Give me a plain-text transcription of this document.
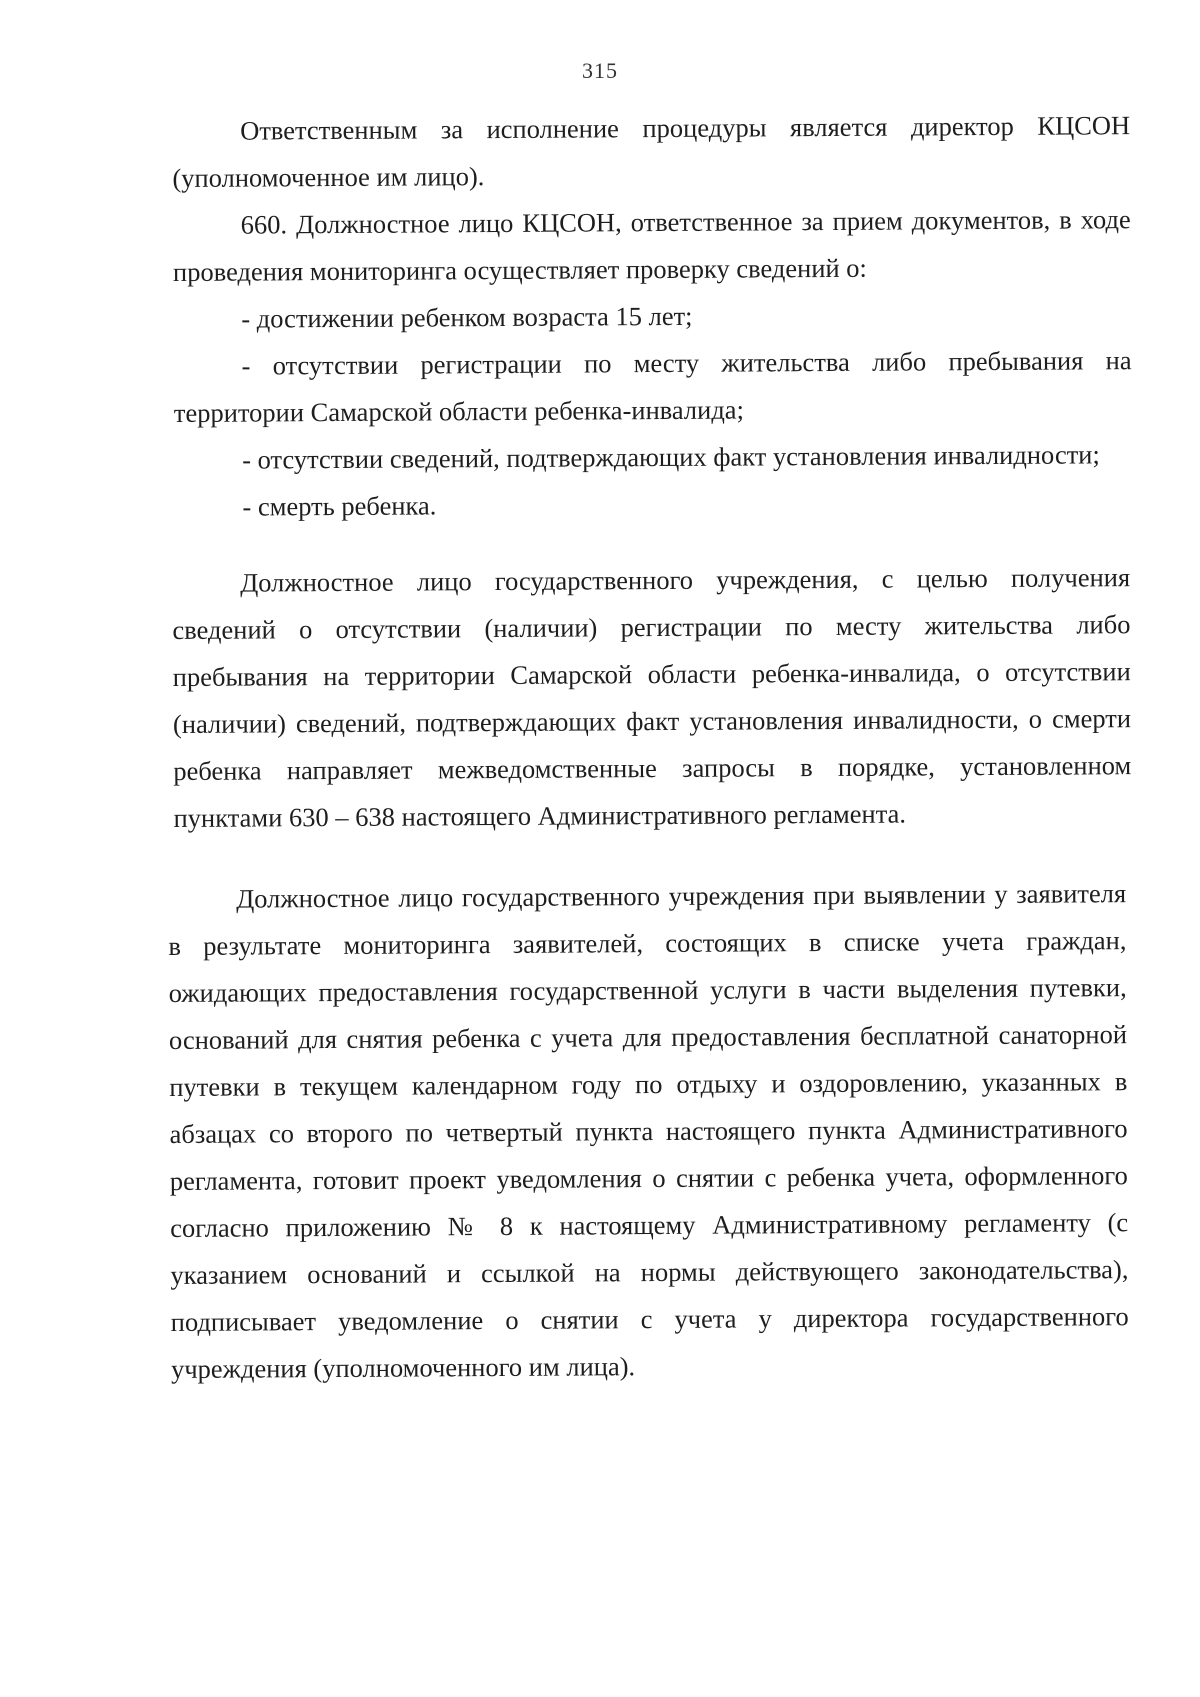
315

Ответственным за исполнение процедуры является директор КЦСОН (уполномоченное им лицо).

660. Должностное лицо КЦСОН, ответственное за прием документов, в ходе проведения мониторинга осуществляет проверку сведений о:

- достижении ребенком возраста 15 лет;

- отсутствии регистрации по месту жительства либо пребывания на территории Самарской области ребенка-инвалида;

- отсутствии сведений, подтверждающих факт установления инвалидности;

- смерть ребенка.

Должностное лицо государственного учреждения, с целью получения сведений о отсутствии (наличии) регистрации по месту жительства либо пребывания на территории Самарской области ребенка-инвалида, о отсутствии (наличии) сведений, подтверждающих факт установления инвалидности, о смерти ребенка направляет межведомственные запросы в порядке, установленном пунктами 630 – 638 настоящего Административного регламента.

Должностное лицо государственного учреждения при выявлении у заявителя в результате мониторинга заявителей, состоящих в списке учета граждан, ожидающих предоставления государственной услуги в части выделения путевки, оснований для снятия ребенка с учета для предоставления бесплатной санаторной путевки в текущем календарном году по отдыху и оздоровлению, указанных в абзацах со второго по четвертый пункта настоящего пункта Административного регламента, готовит проект уведомления о снятии с ребенка учета, оформленного согласно приложению № 8 к настоящему Административному регламенту (с указанием оснований и ссылкой на нормы действующего законодательства), подписывает уведомление о снятии с учета у директора государственного учреждения (уполномоченного им лица).
